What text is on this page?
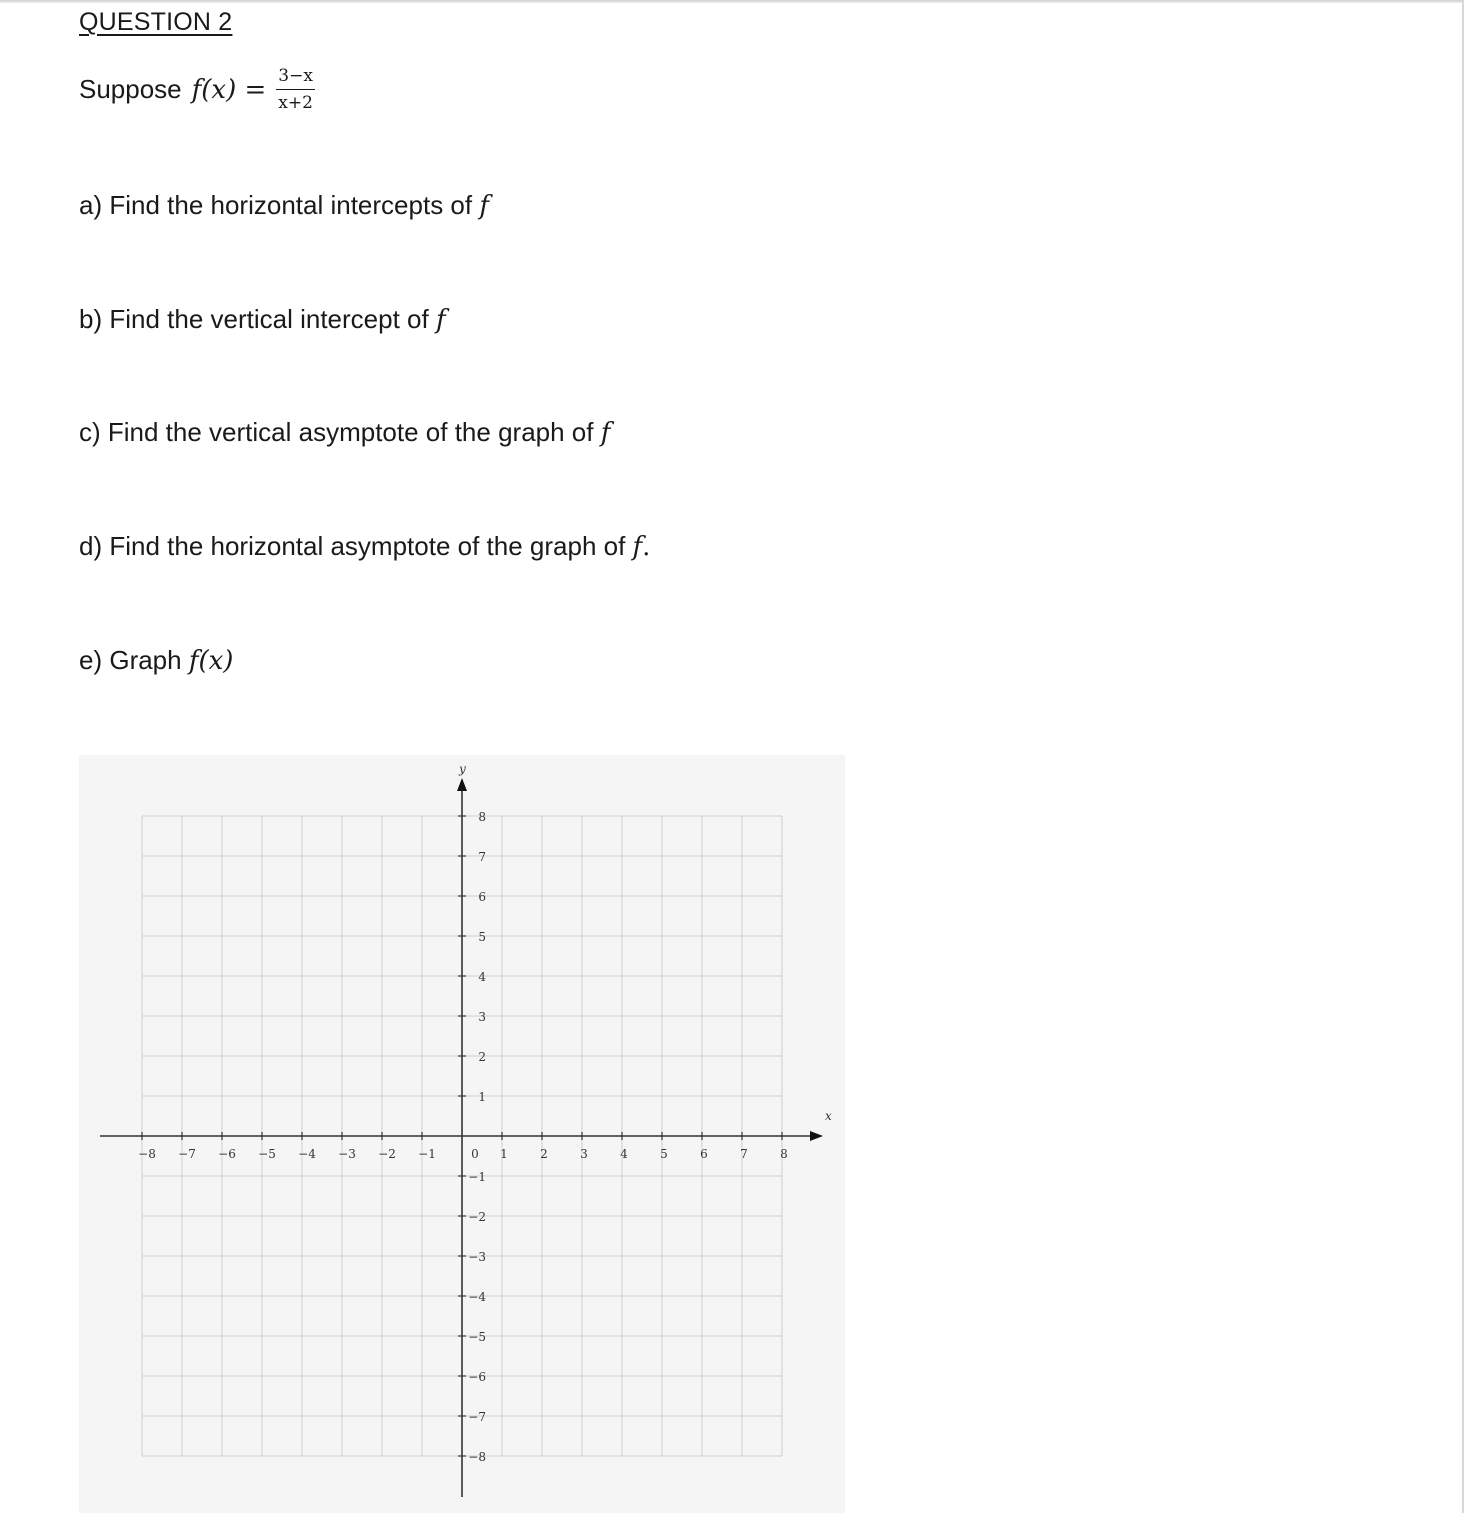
QUESTION 2
Suppose $f(x) = \frac{3-x}{x+2}$
a) Find the horizontal intercepts of f
b) Find the vertical intercept of f
c) Find the vertical asymptote of the graph of f
d) Find the horizontal asymptote of the graph of f.
e) Graph f(x)
−8 −7 −6 −5 −4 −3 −2 −1	1	2	3	4	5	6	7	8
8
7
6
5
4
3
2
1
−1
−2
−3
−4
−5
−6
−7
−8
x
y
0
